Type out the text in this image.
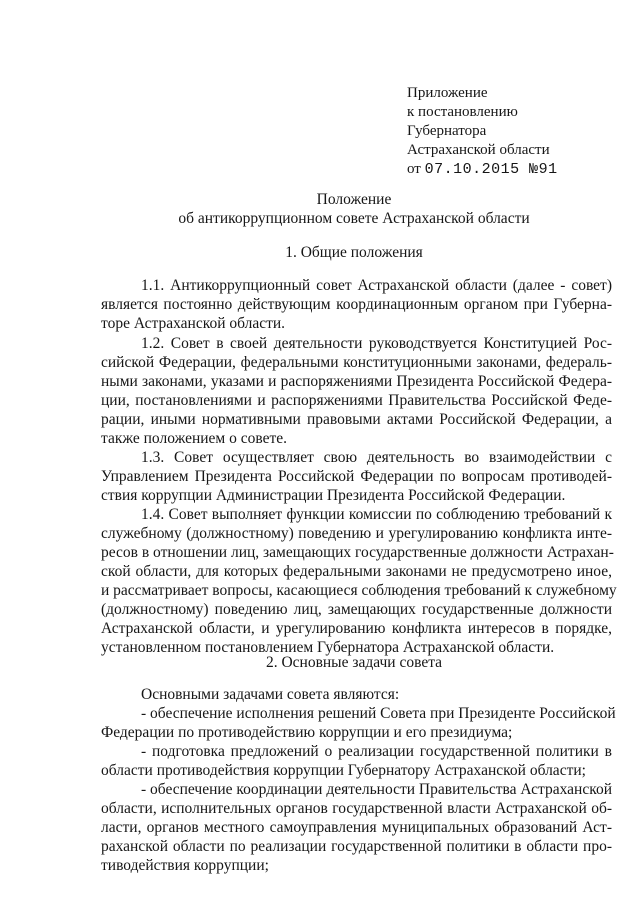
Приложение
к постановлению
Губернатора
Астраханской области
от 07.10.2015 №91
Положение
об антикоррупционном совете Астраханской области
1. Общие положения
1.1. Антикоррупционный совет Астраханской области (далее - совет)
является постоянно действующим координационным органом при Губерна-
торе Астраханской области.
1.2. Совет в своей деятельности руководствуется Конституцией Рос-
сийской Федерации, федеральными конституционными законами, федераль-
ными законами, указами и распоряжениями Президента Российской Федера-
ции, постановлениями и распоряжениями Правительства Российской Феде-
рации, иными нормативными правовыми актами Российской Федерации, а
также положением о совете.
1.3. Совет осуществляет свою деятельность во взаимодействии с
Управлением Президента Российской Федерации по вопросам противодей-
ствия коррупции Администрации Президента Российской Федерации.
1.4. Совет выполняет функции комиссии по соблюдению требований к
служебному (должностному) поведению и урегулированию конфликта инте-
ресов в отношении лиц, замещающих государственные должности Астрахан-
ской области, для которых федеральными законами не предусмотрено иное,
и рассматривает вопросы, касающиеся соблюдения требований к служебному
(должностному) поведению лиц, замещающих государственные должности
Астраханской области, и урегулированию конфликта интересов в порядке,
установленном постановлением Губернатора Астраханской области.
2. Основные задачи совета
Основными задачами совета являются:
- обеспечение исполнения решений Совета при Президенте Российской
Федерации по противодействию коррупции и его президиума;
- подготовка предложений о реализации государственной политики в
области противодействия коррупции Губернатору Астраханской области;
- обеспечение координации деятельности Правительства Астраханской
области, исполнительных органов государственной власти Астраханской об-
ласти, органов местного самоуправления муниципальных образований Аст-
раханской области по реализации государственной политики в области про-
тиводействия коррупции;
